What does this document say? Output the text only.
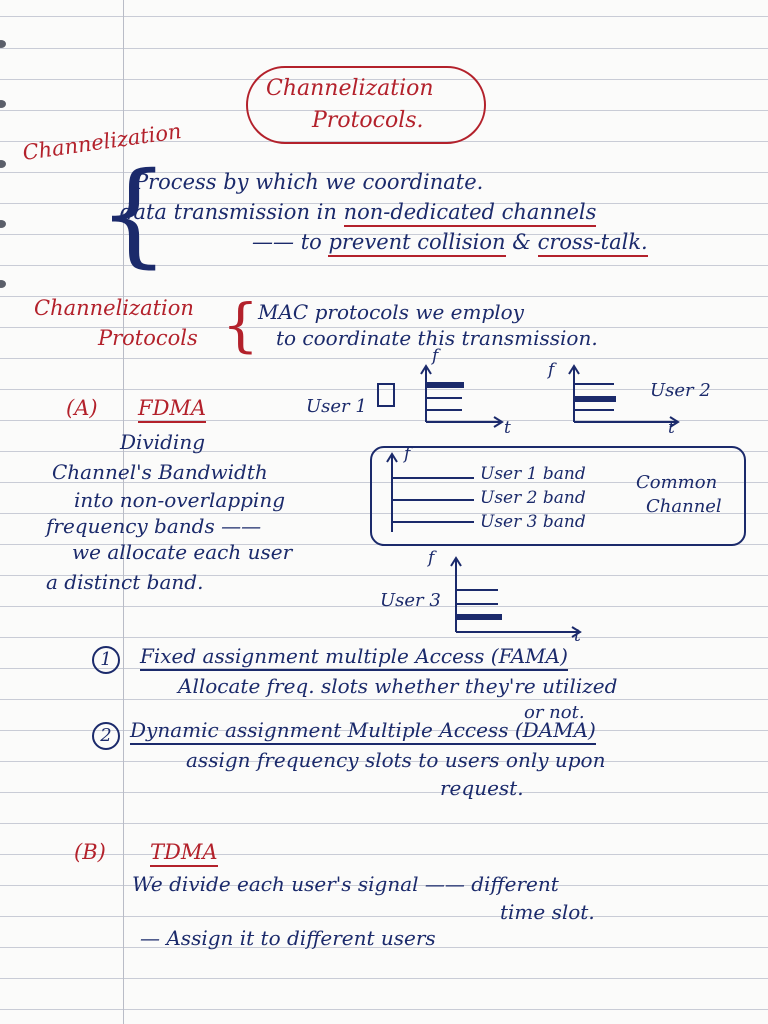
Channelization
Protocols.
Channelization
{
Process by which we coordinate.
data transmission in non-dedicated channels
—— to prevent collision & cross-talk.
Channelization
Protocols { MAC protocols we employ
to coordinate this transmission.
(A) FDMA
Dividing
Channel's Bandwidth
into non-overlapping
frequency bands ——
we allocate each user
a distinct band.
User 1
f
t
f
t
User 2
f
User 1 band
User 2 band
User 3 band
Common
Channel
User 3
f
t
1	Fixed assignment multiple Access (FAMA)
Allocate freq. slots whether they're utilized
or not.
2 Dynamic assignment Multiple Access (DAMA)
assign frequency slots to users only upon
request.
(B) TDMA
We divide each user's signal —— different
time slot.
— Assign it to different users
